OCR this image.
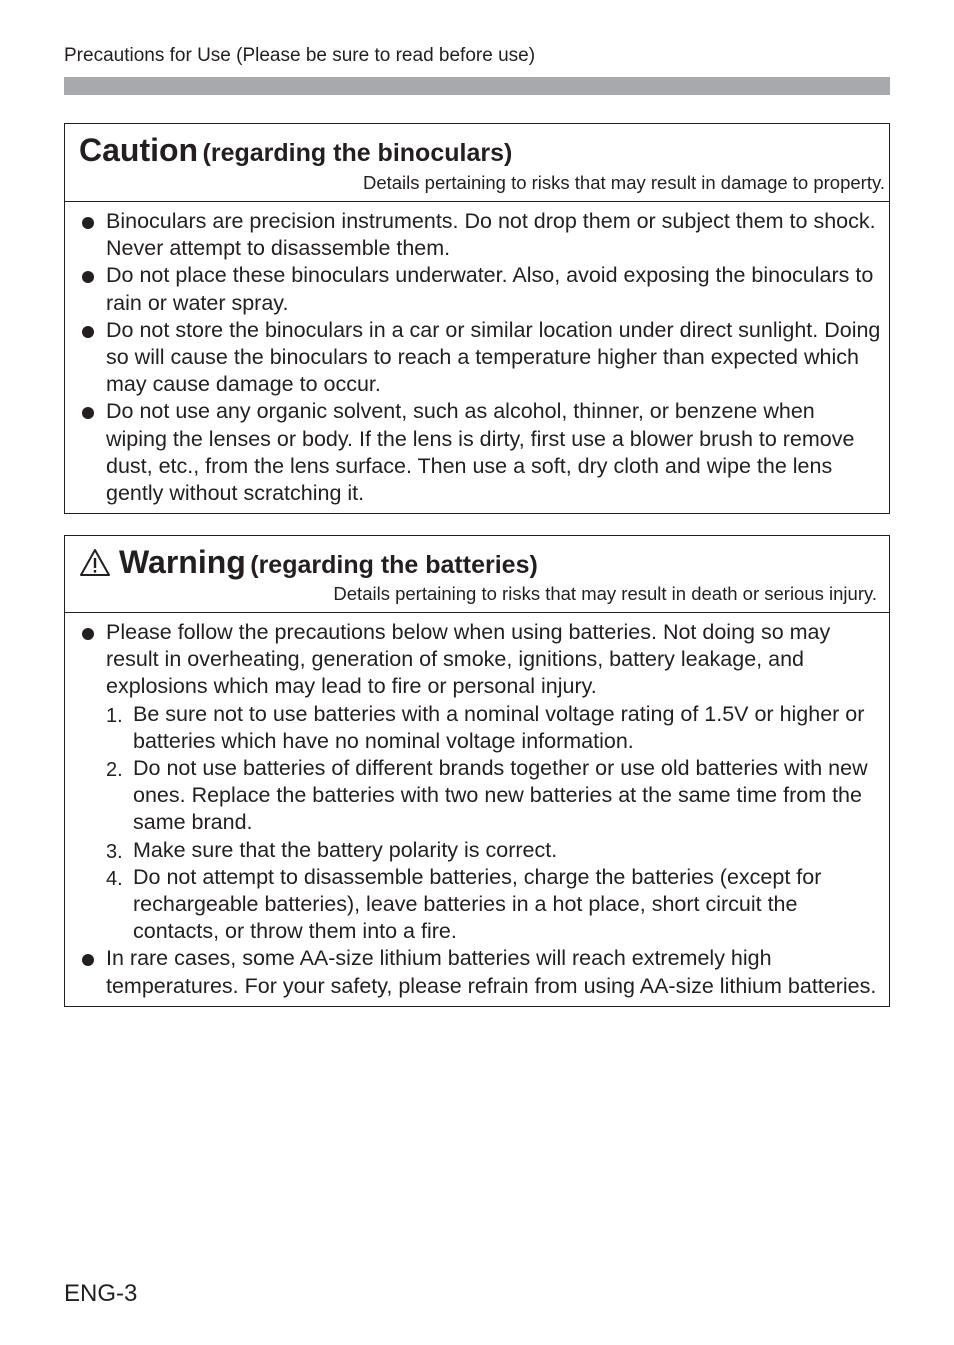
Precautions for Use (Please be sure to read before use)
Caution (regarding the binoculars)
Details pertaining to risks that may result in damage to property.
Binoculars are precision instruments. Do not drop them or subject them to shock. Never attempt to disassemble them.
Do not place these binoculars underwater. Also, avoid exposing the binoculars to rain or water spray.
Do not store the binoculars in a car or similar location under direct sunlight. Doing so will cause the binoculars to reach a temperature higher than expected which may cause damage to occur.
Do not use any organic solvent, such as alcohol, thinner, or benzene when wiping the lenses or body. If the lens is dirty, first use a blower brush to remove dust, etc., from the lens surface. Then use a soft, dry cloth and wipe the lens gently without scratching it.
Warning (regarding the batteries)
Details pertaining to risks that may result in death or serious injury.
Please follow the precautions below when using batteries. Not doing so may result in overheating, generation of smoke, ignitions, battery leakage, and explosions which may lead to fire or personal injury.
1. Be sure not to use batteries with a nominal voltage rating of 1.5V or higher or batteries which have no nominal voltage information.
2. Do not use batteries of different brands together or use old batteries with new ones. Replace the batteries with two new batteries at the same time from the same brand.
3. Make sure that the battery polarity is correct.
4. Do not attempt to disassemble batteries, charge the batteries (except for rechargeable batteries), leave batteries in a hot place, short circuit the contacts, or throw them into a fire.
In rare cases, some AA-size lithium batteries will reach extremely high temperatures. For your safety, please refrain from using AA-size lithium batteries.
ENG-3
